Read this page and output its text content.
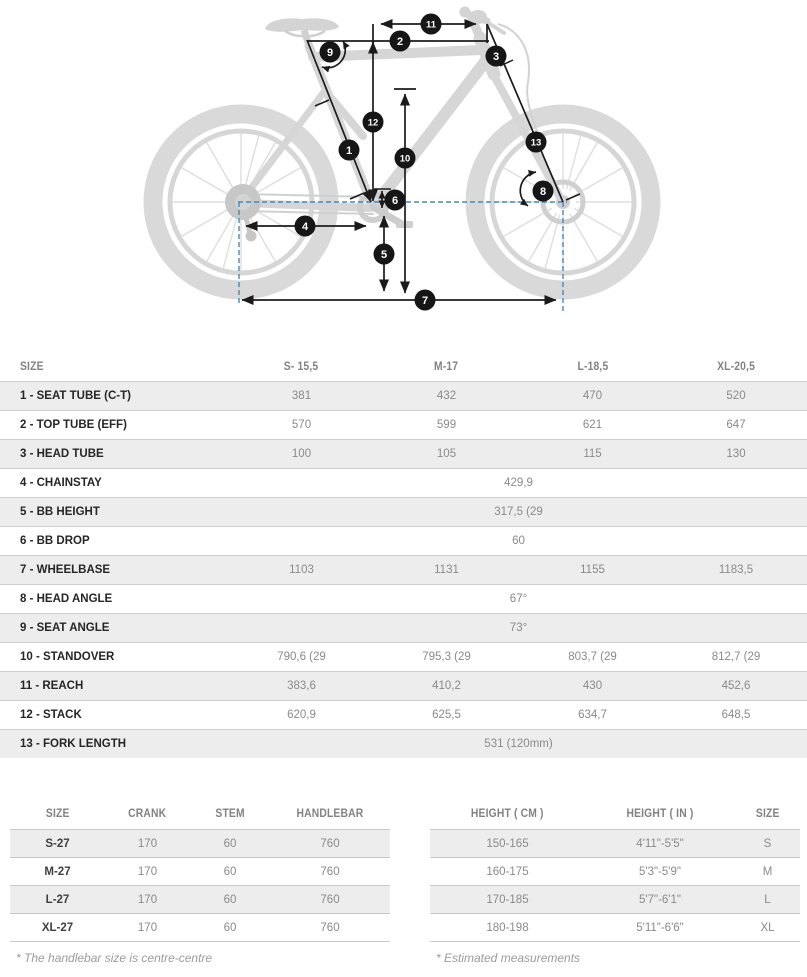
1
2
3
4
5
6
7
8
9
10
11
12
13
SIZE	S- 15,5	M-17	L-18,5	XL-20,5
1 - SEAT TUBE (C-T)	381	432	470	520
2 - TOP TUBE (EFF)	570	599	621	647
3 - HEAD TUBE	100	105	115	130
4 - CHAINSTAY	429,9			
5 - BB HEIGHT	317,5 (29			
6 - BB DROP	60			
7 - WHEELBASE	1103	1131	1155	1183,5
8 - HEAD ANGLE	67°			
9 - SEAT ANGLE	73°			
10 - STANDOVER	790,6 (29	795,3 (29	803,7 (29	812,7 (29
11 - REACH	383,6	410,2	430	452,6
12 - STACK	620,9	625,5	634,7	648,5
13 - FORK LENGTH	531 (120mm)			
SIZE	CRANK	STEM	HANDLEBAR
S-27	170	60	760
M-27	170	60	760
L-27	170	60	760
XL-27	170	60	760
* The handlebar size is centre-centre
HEIGHT ( CM )	HEIGHT ( IN )	SIZE
150-165	4'11"-5'5"	S
160-175	5'3"-5'9"	M
170-185	5'7"-6'1"	L
180-198	5'11"-6'6"	XL
* Estimated measurements
